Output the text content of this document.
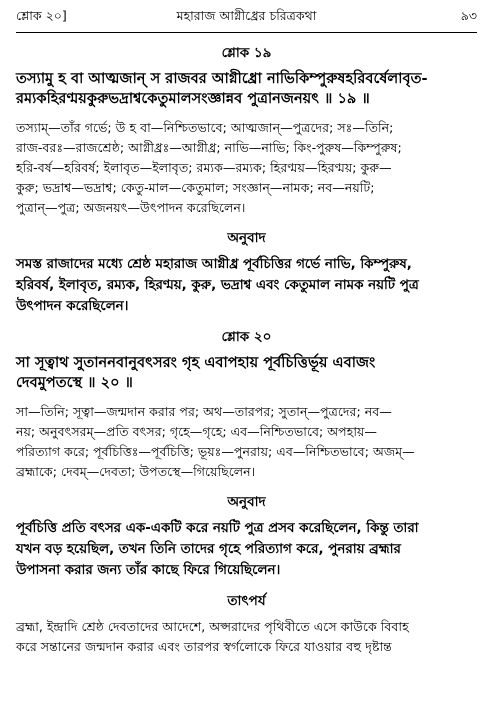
শ্লোক ২০]	মহারাজ আগ্নীধ্রের চরিত্রকথা	৯৩
শ্লোক ১৯
তস্যামু হ বা আত্মজান্ স রাজবর আগ্নীধ্রো নাভিকিম্পুরুষহরিবর্ষেলাবৃত-
রম্যকহিরণ্ময়কুরুভদ্রাশ্বকেতুমালসংজ্ঞান্নব পুত্রানজনয়ৎ ॥ ১৯ ॥
তস্যাম্—তাঁর গর্ভে; উ হ বা—নিশ্চিতভাবে; আত্মজান্—পুত্রদের; সঃ—তিনি;
রাজ-বরঃ—রাজশ্রেষ্ঠ; আগ্নীধ্রঃ—আগ্নীধ্র; নাভি—নাভি; কিং-পুরুষ—কিম্পুরুষ;
হরি-বর্ষ—হরিবর্ষ; ইলাবৃত—ইলাবৃত; রম্যক—রম্যক; হিরণ্ময়—হিরণ্ময়; কুরু—
কুরু; ভদ্রাশ্ব—ভদ্রাশ্ব; কেতু-মাল—কেতুমাল; সংজ্ঞান্—নামক; নব—নয়টি;
পুত্রান্—পুত্র; অজনয়ৎ—উৎপাদন করেছিলেন।
অনুবাদ
সমস্ত রাজাদের মধ্যে শ্রেষ্ঠ মহারাজ আগ্নীধ্র পূর্বচিত্তির গর্ভে নাভি, কিম্পুরুষ,
হরিবর্ষ, ইলাবৃত, রম্যক, হিরণ্ময়, কুরু, ভদ্রাশ্ব এবং কেতুমাল নামক নয়টি পুত্র
উৎপাদন করেছিলেন।
শ্লোক ২০
সা সূত্বাথ সুতাননবানুবৎসরং গৃহ এবাপহায় পূর্বচিত্তির্ভূয় এবাজং
দেবমুপতস্থে ॥ ২০ ॥
সা—তিনি; সূত্বা—জন্মদান করার পর; অথ—তারপর; সুতান্—পুত্রদের; নব—
নয়; অনুবৎসরম্—প্রতি বৎসর; গৃহে—গৃহে; এব—নিশ্চিতভাবে; অপহায়—
পরিত্যাগ করে; পূর্বচিত্তিঃ—পূর্বচিত্তি; ভূয়ঃ—পুনরায়; এব—নিশ্চিতভাবে; অজম্—
ব্রহ্মাকে; দেবম্—দেবতা; উপতস্থে—গিয়েছিলেন।
অনুবাদ
পূর্বচিত্তি প্রতি বৎসর এক-একটি করে নয়টি পুত্র প্রসব করেছিলেন, কিন্তু তারা
যখন বড় হয়েছিল, তখন তিনি তাদের গৃহে পরিত্যাগ করে, পুনরায় ব্রহ্মার
উপাসনা করার জন্য তাঁর কাছে ফিরে গিয়েছিলেন।
তাৎপর্য
ব্রহ্মা, ইন্দ্রাদি শ্রেষ্ঠ দেবতাদের আদেশে, অপ্সরাদের পৃথিবীতে এসে কাউকে বিবাহ
করে সন্তানের জন্মদান করার এবং তারপর স্বর্গলোকে ফিরে যাওয়ার বহু দৃষ্টান্ত
